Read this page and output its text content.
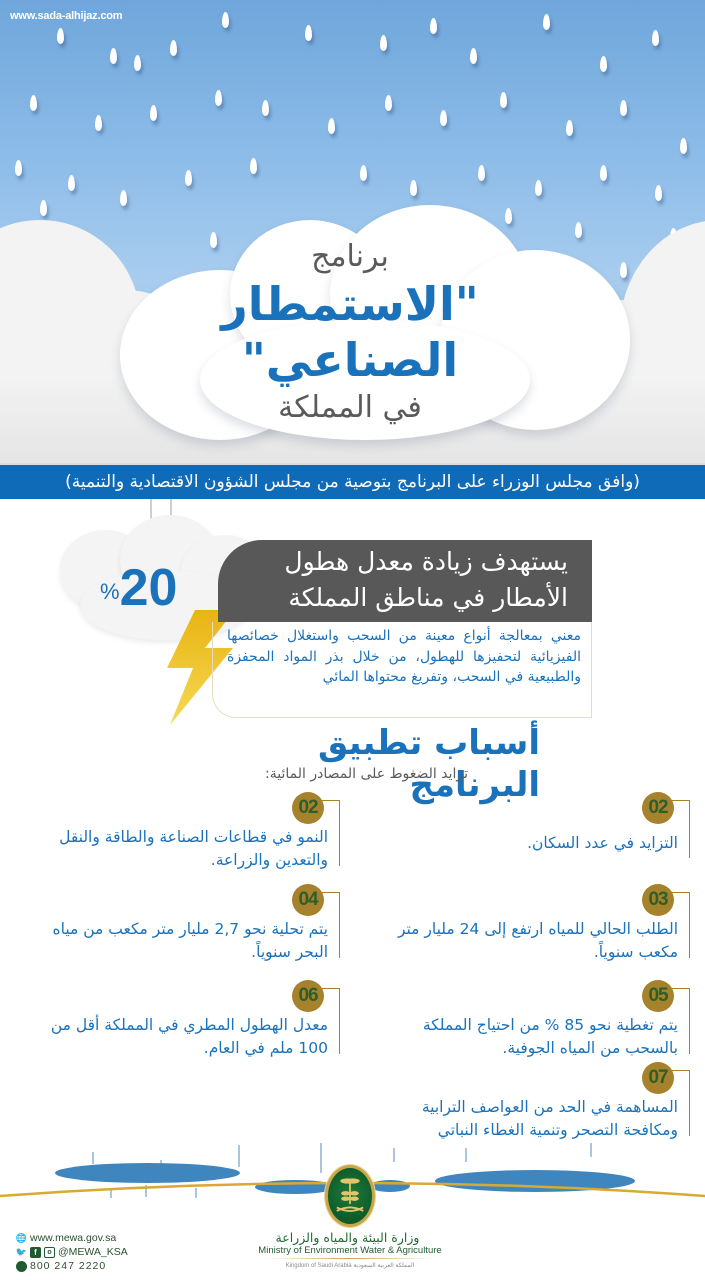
www.sada-alhijaz.com
برنامج
"الاستمطار الصناعي"
في المملكة
(وافق مجلس الوزراء على البرنامج بتوصية من مجلس الشؤون الاقتصادية والتنمية)
%20	يستهدف زيادة معدل هطول
الأمطار في مناطق المملكة
معني بمعالجة أنواع معينة من السحب واستغلال خصائصها الفيزيائية لتحفيزها للهطول، من خلال بذر المواد المحفزة والطبيعية في السحب، وتفريغ محتواها المائي
أسباب تطبيق البرنامج
تزايد الضغوط على المصادر المائية:
02
التزايد في عدد السكان.
03
الطلب الحالي للمياه ارتفع إلى 24 مليار متر مكعب سنوياً.
05
يتم تغطية نحو 85 % من احتياج المملكة بالسحب من المياه الجوفية.
07
المساهمة في الحد من العواصف الترابية ومكافحة التصحر وتنمية الغطاء النباتي
02
النمو في قطاعات الصناعة والطاقة والنقل والتعدين والزراعة.
04
يتم تحلية نحو 2,7 مليار متر مكعب من مياه البحر سنوياً.
06
معدل الهطول المطري في المملكة أقل من 100 ملم في العام.
وزارة البيئة والمياه والزراعة
Ministry of Environment Water & Agriculture
Kingdom of Saudi Arabia المملكة العربية السعودية
🌐 www.mewa.gov.sa
🐦 f	o @MEWA_KSA
800 247 2220
